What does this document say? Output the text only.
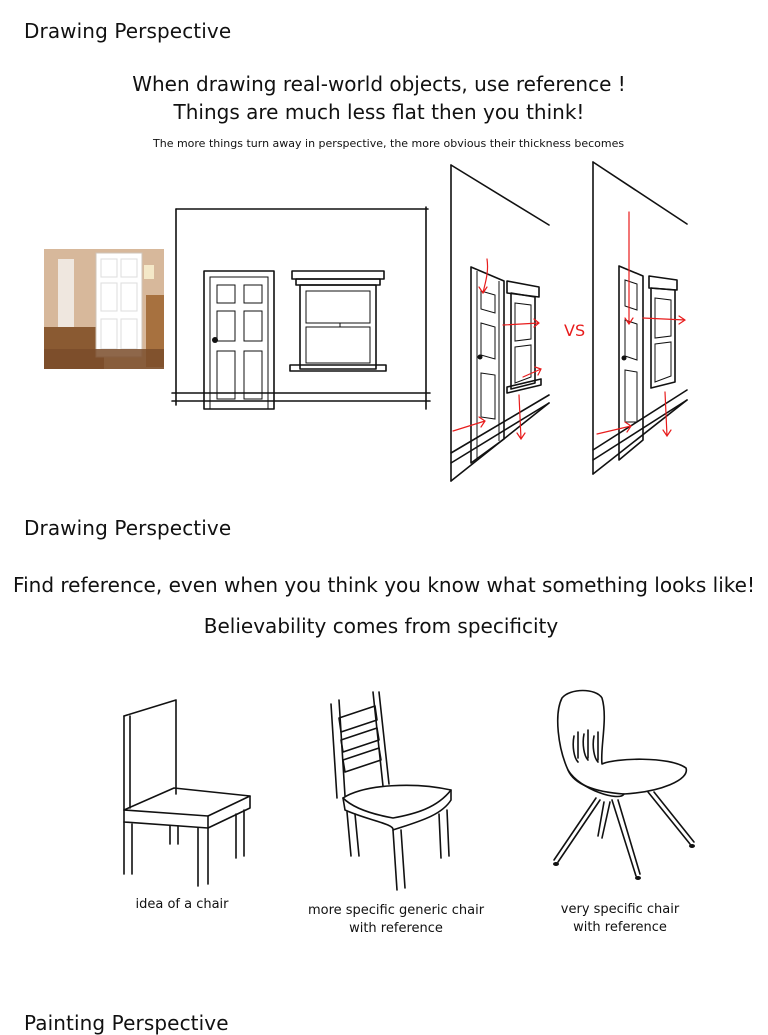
Drawing Perspective
When drawing real-world objects, use reference !
Things are much less flat then you think!
The more things turn away in perspective, the more obvious their thickness becomes
VS
Drawing Perspective
Find reference, even when you think you know what something looks like!
Believability comes from specificity
idea of a chair	more specific generic chair
with reference
very specific chair
with reference
Painting Perspective
